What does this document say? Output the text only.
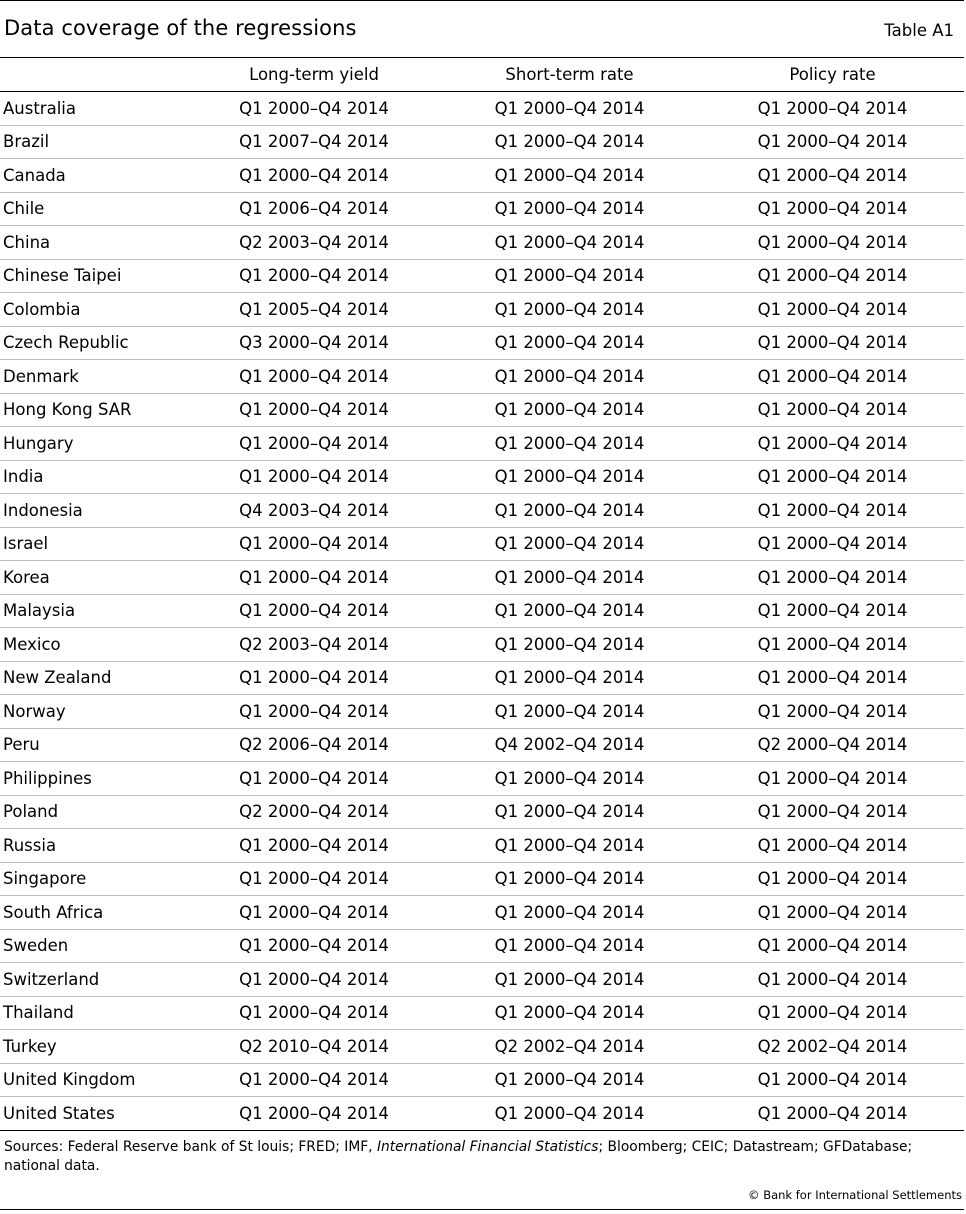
Data coverage of the regressions	Table A1
	Long-term yield	Short-term rate	Policy rate
Australia	Q1 2000–Q4 2014	Q1 2000–Q4 2014	Q1 2000–Q4 2014
Brazil	Q1 2007–Q4 2014	Q1 2000–Q4 2014	Q1 2000–Q4 2014
Canada	Q1 2000–Q4 2014	Q1 2000–Q4 2014	Q1 2000–Q4 2014
Chile	Q1 2006–Q4 2014	Q1 2000–Q4 2014	Q1 2000–Q4 2014
China	Q2 2003–Q4 2014	Q1 2000–Q4 2014	Q1 2000–Q4 2014
Chinese Taipei	Q1 2000–Q4 2014	Q1 2000–Q4 2014	Q1 2000–Q4 2014
Colombia	Q1 2005–Q4 2014	Q1 2000–Q4 2014	Q1 2000–Q4 2014
Czech Republic	Q3 2000–Q4 2014	Q1 2000–Q4 2014	Q1 2000–Q4 2014
Denmark	Q1 2000–Q4 2014	Q1 2000–Q4 2014	Q1 2000–Q4 2014
Hong Kong SAR	Q1 2000–Q4 2014	Q1 2000–Q4 2014	Q1 2000–Q4 2014
Hungary	Q1 2000–Q4 2014	Q1 2000–Q4 2014	Q1 2000–Q4 2014
India	Q1 2000–Q4 2014	Q1 2000–Q4 2014	Q1 2000–Q4 2014
Indonesia	Q4 2003–Q4 2014	Q1 2000–Q4 2014	Q1 2000–Q4 2014
Israel	Q1 2000–Q4 2014	Q1 2000–Q4 2014	Q1 2000–Q4 2014
Korea	Q1 2000–Q4 2014	Q1 2000–Q4 2014	Q1 2000–Q4 2014
Malaysia	Q1 2000–Q4 2014	Q1 2000–Q4 2014	Q1 2000–Q4 2014
Mexico	Q2 2003–Q4 2014	Q1 2000–Q4 2014	Q1 2000–Q4 2014
New Zealand	Q1 2000–Q4 2014	Q1 2000–Q4 2014	Q1 2000–Q4 2014
Norway	Q1 2000–Q4 2014	Q1 2000–Q4 2014	Q1 2000–Q4 2014
Peru	Q2 2006–Q4 2014	Q4 2002–Q4 2014	Q2 2000–Q4 2014
Philippines	Q1 2000–Q4 2014	Q1 2000–Q4 2014	Q1 2000–Q4 2014
Poland	Q2 2000–Q4 2014	Q1 2000–Q4 2014	Q1 2000–Q4 2014
Russia	Q1 2000–Q4 2014	Q1 2000–Q4 2014	Q1 2000–Q4 2014
Singapore	Q1 2000–Q4 2014	Q1 2000–Q4 2014	Q1 2000–Q4 2014
South Africa	Q1 2000–Q4 2014	Q1 2000–Q4 2014	Q1 2000–Q4 2014
Sweden	Q1 2000–Q4 2014	Q1 2000–Q4 2014	Q1 2000–Q4 2014
Switzerland	Q1 2000–Q4 2014	Q1 2000–Q4 2014	Q1 2000–Q4 2014
Thailand	Q1 2000–Q4 2014	Q1 2000–Q4 2014	Q1 2000–Q4 2014
Turkey	Q2 2010–Q4 2014	Q2 2002–Q4 2014	Q2 2002–Q4 2014
United Kingdom	Q1 2000–Q4 2014	Q1 2000–Q4 2014	Q1 2000–Q4 2014
United States	Q1 2000–Q4 2014	Q1 2000–Q4 2014	Q1 2000–Q4 2014
Sources: Federal Reserve bank of St louis; FRED; IMF, International Financial Statistics; Bloomberg; CEIC; Datastream; GFDatabase; national data.
© Bank for International Settlements
